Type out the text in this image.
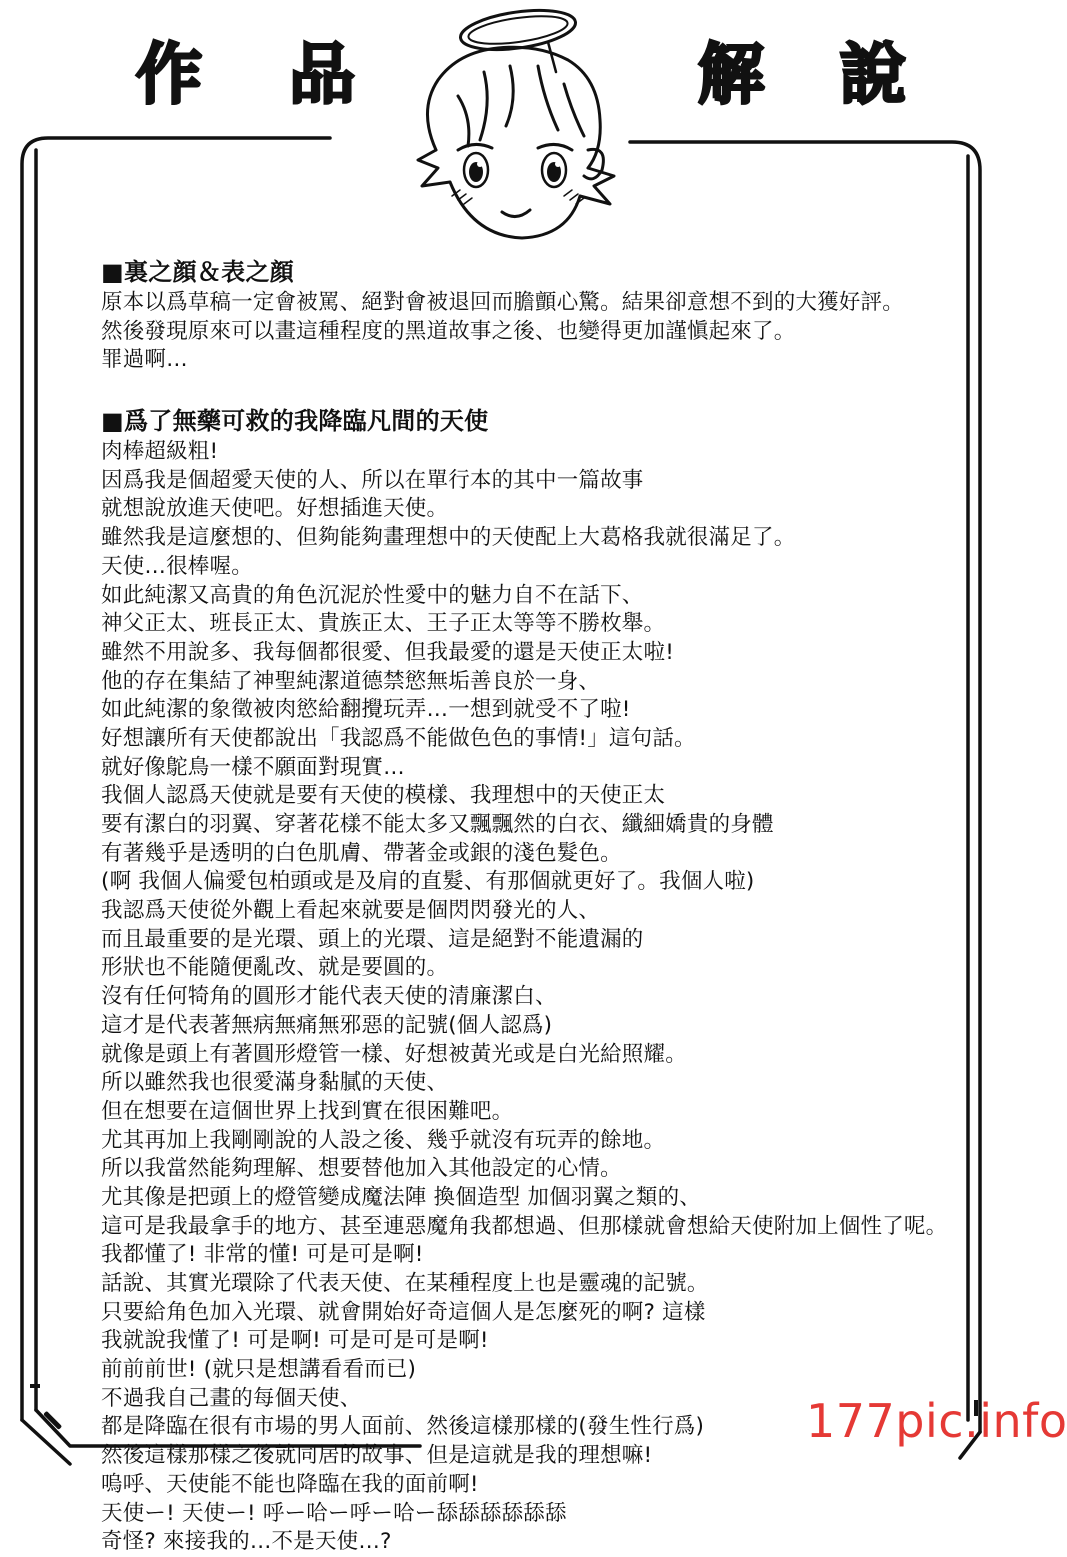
作 品	解 說
■裏之顔＆表之顔
原本以爲草稿一定會被罵、絕對會被退回而膽顫心驚。結果卻意想不到的大獲好評。
然後發現原來可以畫這種程度的黑道故事之後、也變得更加謹愼起來了。
罪過啊…
■爲了無藥可救的我降臨凡間的天使
肉棒超級粗!
因爲我是個超愛天使的人、所以在單行本的其中一篇故事
就想說放進天使吧。好想插進天使。
雖然我是這麼想的、但夠能夠畫理想中的天使配上大葛格我就很滿足了。
天使…很棒喔。
如此純潔又高貴的角色沉泥於性愛中的魅力自不在話下、
神父正太、班長正太、貴族正太、王子正太等等不勝枚舉。
雖然不用說多、我每個都很愛、但我最愛的還是天使正太啦!
他的存在集結了神聖純潔道德禁慾無垢善良於一身、
如此純潔的象徵被肉慾給翻攪玩弄…一想到就受不了啦!
好想讓所有天使都說出「我認爲不能做色色的事情!」這句話。
就好像鴕鳥一樣不願面對現實…
我個人認爲天使就是要有天使的模樣、我理想中的天使正太
要有潔白的羽翼、穿著花樣不能太多又飄飄然的白衣、纖細嬌貴的身體
有著幾乎是透明的白色肌膚、帶著金或銀的淺色髮色。
(啊 我個人偏愛包柏頭或是及肩的直髮、有那個就更好了。我個人啦)
我認爲天使從外觀上看起來就要是個閃閃發光的人、
而且最重要的是光環、頭上的光環、這是絕對不能遺漏的
形狀也不能隨便亂改、就是要圓的。
沒有任何犄角的圓形才能代表天使的清廉潔白、
這才是代表著無病無痛無邪惡的記號(個人認爲)
就像是頭上有著圓形燈管一樣、好想被黃光或是白光給照耀。
所以雖然我也很愛滿身黏膩的天使、
但在想要在這個世界上找到實在很困難吧。
尤其再加上我剛剛說的人設之後、幾乎就沒有玩弄的餘地。
所以我當然能夠理解、想要替他加入其他設定的心情。
尤其像是把頭上的燈管變成魔法陣 換個造型 加個羽翼之類的、
這可是我最拿手的地方、甚至連惡魔角我都想過、但那樣就會想給天使附加上個性了呢。
我都懂了! 非常的懂! 可是可是啊!
話說、其實光環除了代表天使、在某種程度上也是靈魂的記號。
只要給角色加入光環、就會開始好奇這個人是怎麼死的啊? 這樣
我就說我懂了! 可是啊! 可是可是可是啊!
前前前世! (就只是想講看看而已)
不過我自己畫的每個天使、
都是降臨在很有市場的男人面前、然後這樣那樣的(發生性行爲)
然後這樣那樣之後就同居的故事、但是這就是我的理想嘛!
嗚呼、天使能不能也降臨在我的面前啊!
天使ー! 天使ー! 呼ー哈ー呼ー哈ー舔舔舔舔舔舔
奇怪? 來接我的…不是天使…?
177pic.info
